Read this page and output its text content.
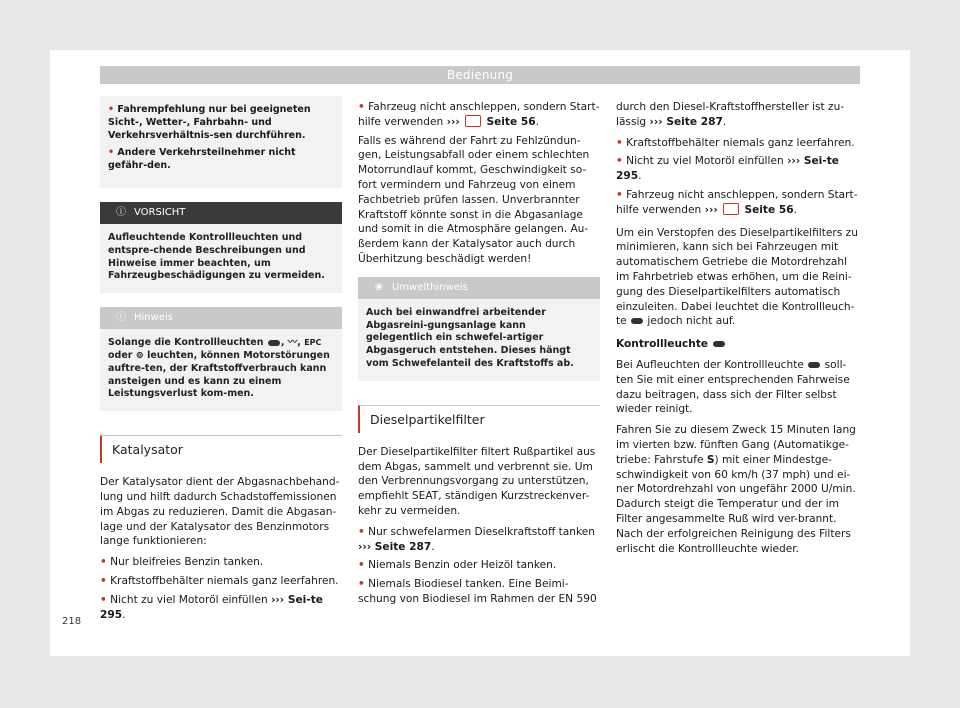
Bedienung
• Fahrempfehlung nur bei geeigneten Sicht-, Wetter-, Fahrbahn- und Verkehrsverhältnis-sen durchführen.
• Andere Verkehrsteilnehmer nicht gefähr-den.
ⓘ VORSICHT
Aufleuchtende Kontrollleuchten und entspre-chende Beschreibungen und Hinweise immer beachten, um Fahrzeugbeschädigungen zu vermeiden.
ⓘ Hinweis
Solange die Kontrollleuchten , 〰, EPC oder ⊚ leuchten, können Motorstörungen auftre-ten, der Kraftstoffverbrauch kann ansteigen und es kann zu einem Leistungsverlust kom-men.
Katalysator

Der Katalysator dient der Abgasnachbehand-lung und hilft dadurch Schadstoffemissionen im Abgas zu reduzieren. Damit die Abgasan-lage und der Katalysator des Benzinmotors lange funktionieren:

• Nur bleifreies Benzin tanken.
• Kraftstoffbehälter niemals ganz leerfahren.
• Nicht zu viel Motoröl einfüllen ››› Sei-te 295.
• Fahrzeug nicht anschleppen, sondern Start-hilfe verwenden ›››	Seite 56.

Falls es während der Fahrt zu Fehlzündun-gen, Leistungsabfall oder einem schlechten Motorrundlauf kommt, Geschwindigkeit so-fort vermindern und Fahrzeug von einem Fachbetrieb prüfen lassen. Unverbrannter Kraftstoff könnte sonst in die Abgasanlage und somit in die Atmosphäre gelangen. Au-ßerdem kann der Katalysator auch durch Überhitzung beschädigt werden!

❀ Umwelthinweis
Auch bei einwandfrei arbeitender Abgasreini-gungsanlage kann gelegentlich ein schwefel-artiger Abgasgeruch entstehen. Dieses hängt vom Schwefelanteil des Kraftstoffs ab.
Dieselpartikelfilter

Der Dieselpartikelfilter filtert Rußpartikel aus dem Abgas, sammelt und verbrennt sie. Um den Verbrennungsvorgang zu unterstützen, empfiehlt SEAT, ständigen Kurzstreckenver-kehr zu vermeiden.

• Nur schwefelarmen Dieselkraftstoff tanken ››› Seite 287.
• Niemals Benzin oder Heizöl tanken.
• Niemals Biodiesel tanken. Eine Beimi-schung von Biodiesel im Rahmen der EN 590

durch den Diesel-Kraftstoffhersteller ist zu-lässig ››› Seite 287.

• Kraftstoffbehälter niemals ganz leerfahren.
• Nicht zu viel Motoröl einfüllen ››› Sei-te 295.
• Fahrzeug nicht anschleppen, sondern Start-hilfe verwenden ›››	Seite 56.

Um ein Verstopfen des Dieselpartikelfilters zu minimieren, kann sich bei Fahrzeugen mit automatischem Getriebe die Motordrehzahl im Fahrbetrieb etwas erhöhen, um die Reini-gung des Dieselpartikelfilters automatisch einzuleiten. Dabei leuchtet die Kontrollleuch-te jedoch nicht auf.

Kontrollleuchte

Bei Aufleuchten der Kontrollleuchte soll-ten Sie mit einer entsprechenden Fahrweise dazu beitragen, dass sich der Filter selbst wieder reinigt.

Fahren Sie zu diesem Zweck 15 Minuten lang im vierten bzw. fünften Gang (Automatikge-triebe: Fahrstufe S) mit einer Mindestge-schwindigkeit von 60 km/h (37 mph) und ei-ner Motordrehzahl von ungefähr 2000 U/min. Dadurch steigt die Temperatur und der im Filter angesammelte Ruß wird ver-brannt. Nach der erfolgreichen Reinigung des Filters erlischt die Kontrollleuchte wieder.

218
